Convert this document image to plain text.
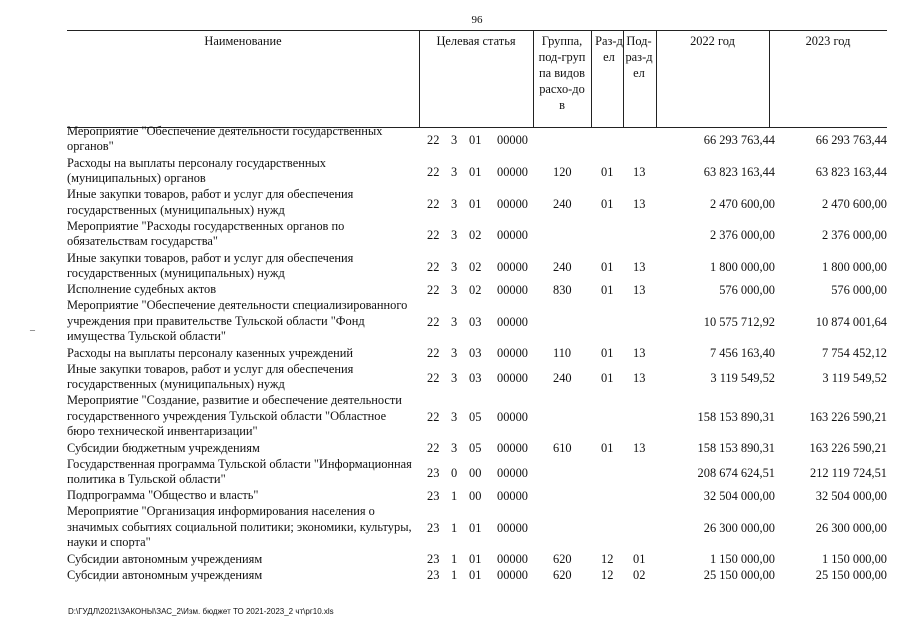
96
Наименование	Целевая статья	Группа, под-группа видов расхо-дов
Раз-дел
Под-раз-дел
2022 год	2023 год
Мероприятие "Обеспечение деятельности государственных органов"	22 3 01 00000	66 293 763,44	66 293 763,44
Расходы на выплаты персоналу государственных (муниципальных) органов	22 3 01 00000 120 01 13	63 823 163,44	63 823 163,44
Иные закупки товаров, работ и услуг для обеспечения государственных (муниципальных) нужд	22 3 01 00000 240 01 13	2 470 600,00	2 470 600,00
Мероприятие "Расходы государственных органов по обязательствам государства"	22 3 02 00000	2 376 000,00	2 376 000,00
Иные закупки товаров, работ и услуг для обеспечения государственных (муниципальных) нужд	22 3 02 00000 240 01 13	1 800 000,00	1 800 000,00
Исполнение судебных актов	22 3 02 00000 830 01 13	576 000,00	576 000,00
Мероприятие "Обеспечение деятельности специализированного учреждения при правительстве Тульской области "Фонд имущества Тульской области"
22 3 03 00000	10 575 712,92	10 874 001,64
Расходы на выплаты персоналу казенных учреждений	22 3 03 00000 110 01 13	7 456 163,40	7 754 452,12
Иные закупки товаров, работ и услуг для обеспечения государственных (муниципальных) нужд	22 3 03 00000 240 01 13	3 119 549,52	3 119 549,52
Мероприятие "Создание, развитие и обеспечение деятельности государственного учреждения Тульской области "Областное бюро технической инвентаризации"
22 3 05 00000	158 153 890,31	163 226 590,21
Субсидии бюджетным учреждениям	22 3 05 00000 610 01 13	158 153 890,31	163 226 590,21
Государственная программа Тульской области "Информационная политика в Тульской области"	23 0 00 00000	208 674 624,51	212 119 724,51
Подпрограмма "Общество и власть"	23 1 00 00000	32 504 000,00	32 504 000,00
Мероприятие "Организация информирования населения о значимых событиях социальной политики; экономики, культуры, науки и спорта"
23 1 01 00000	26 300 000,00	26 300 000,00
Субсидии автономным учреждениям	23 1 01 00000 620 12 01	1 150 000,00	1 150 000,00
Субсидии автономным учреждениям	23 1 01 00000 620 12 02	25 150 000,00	25 150 000,00
–
D:\ГУДЛ\2021\ЗАКОНЫ\ЗАС_2\Изм. бюджет ТО 2021-2023_2 чт\рг10.xls
